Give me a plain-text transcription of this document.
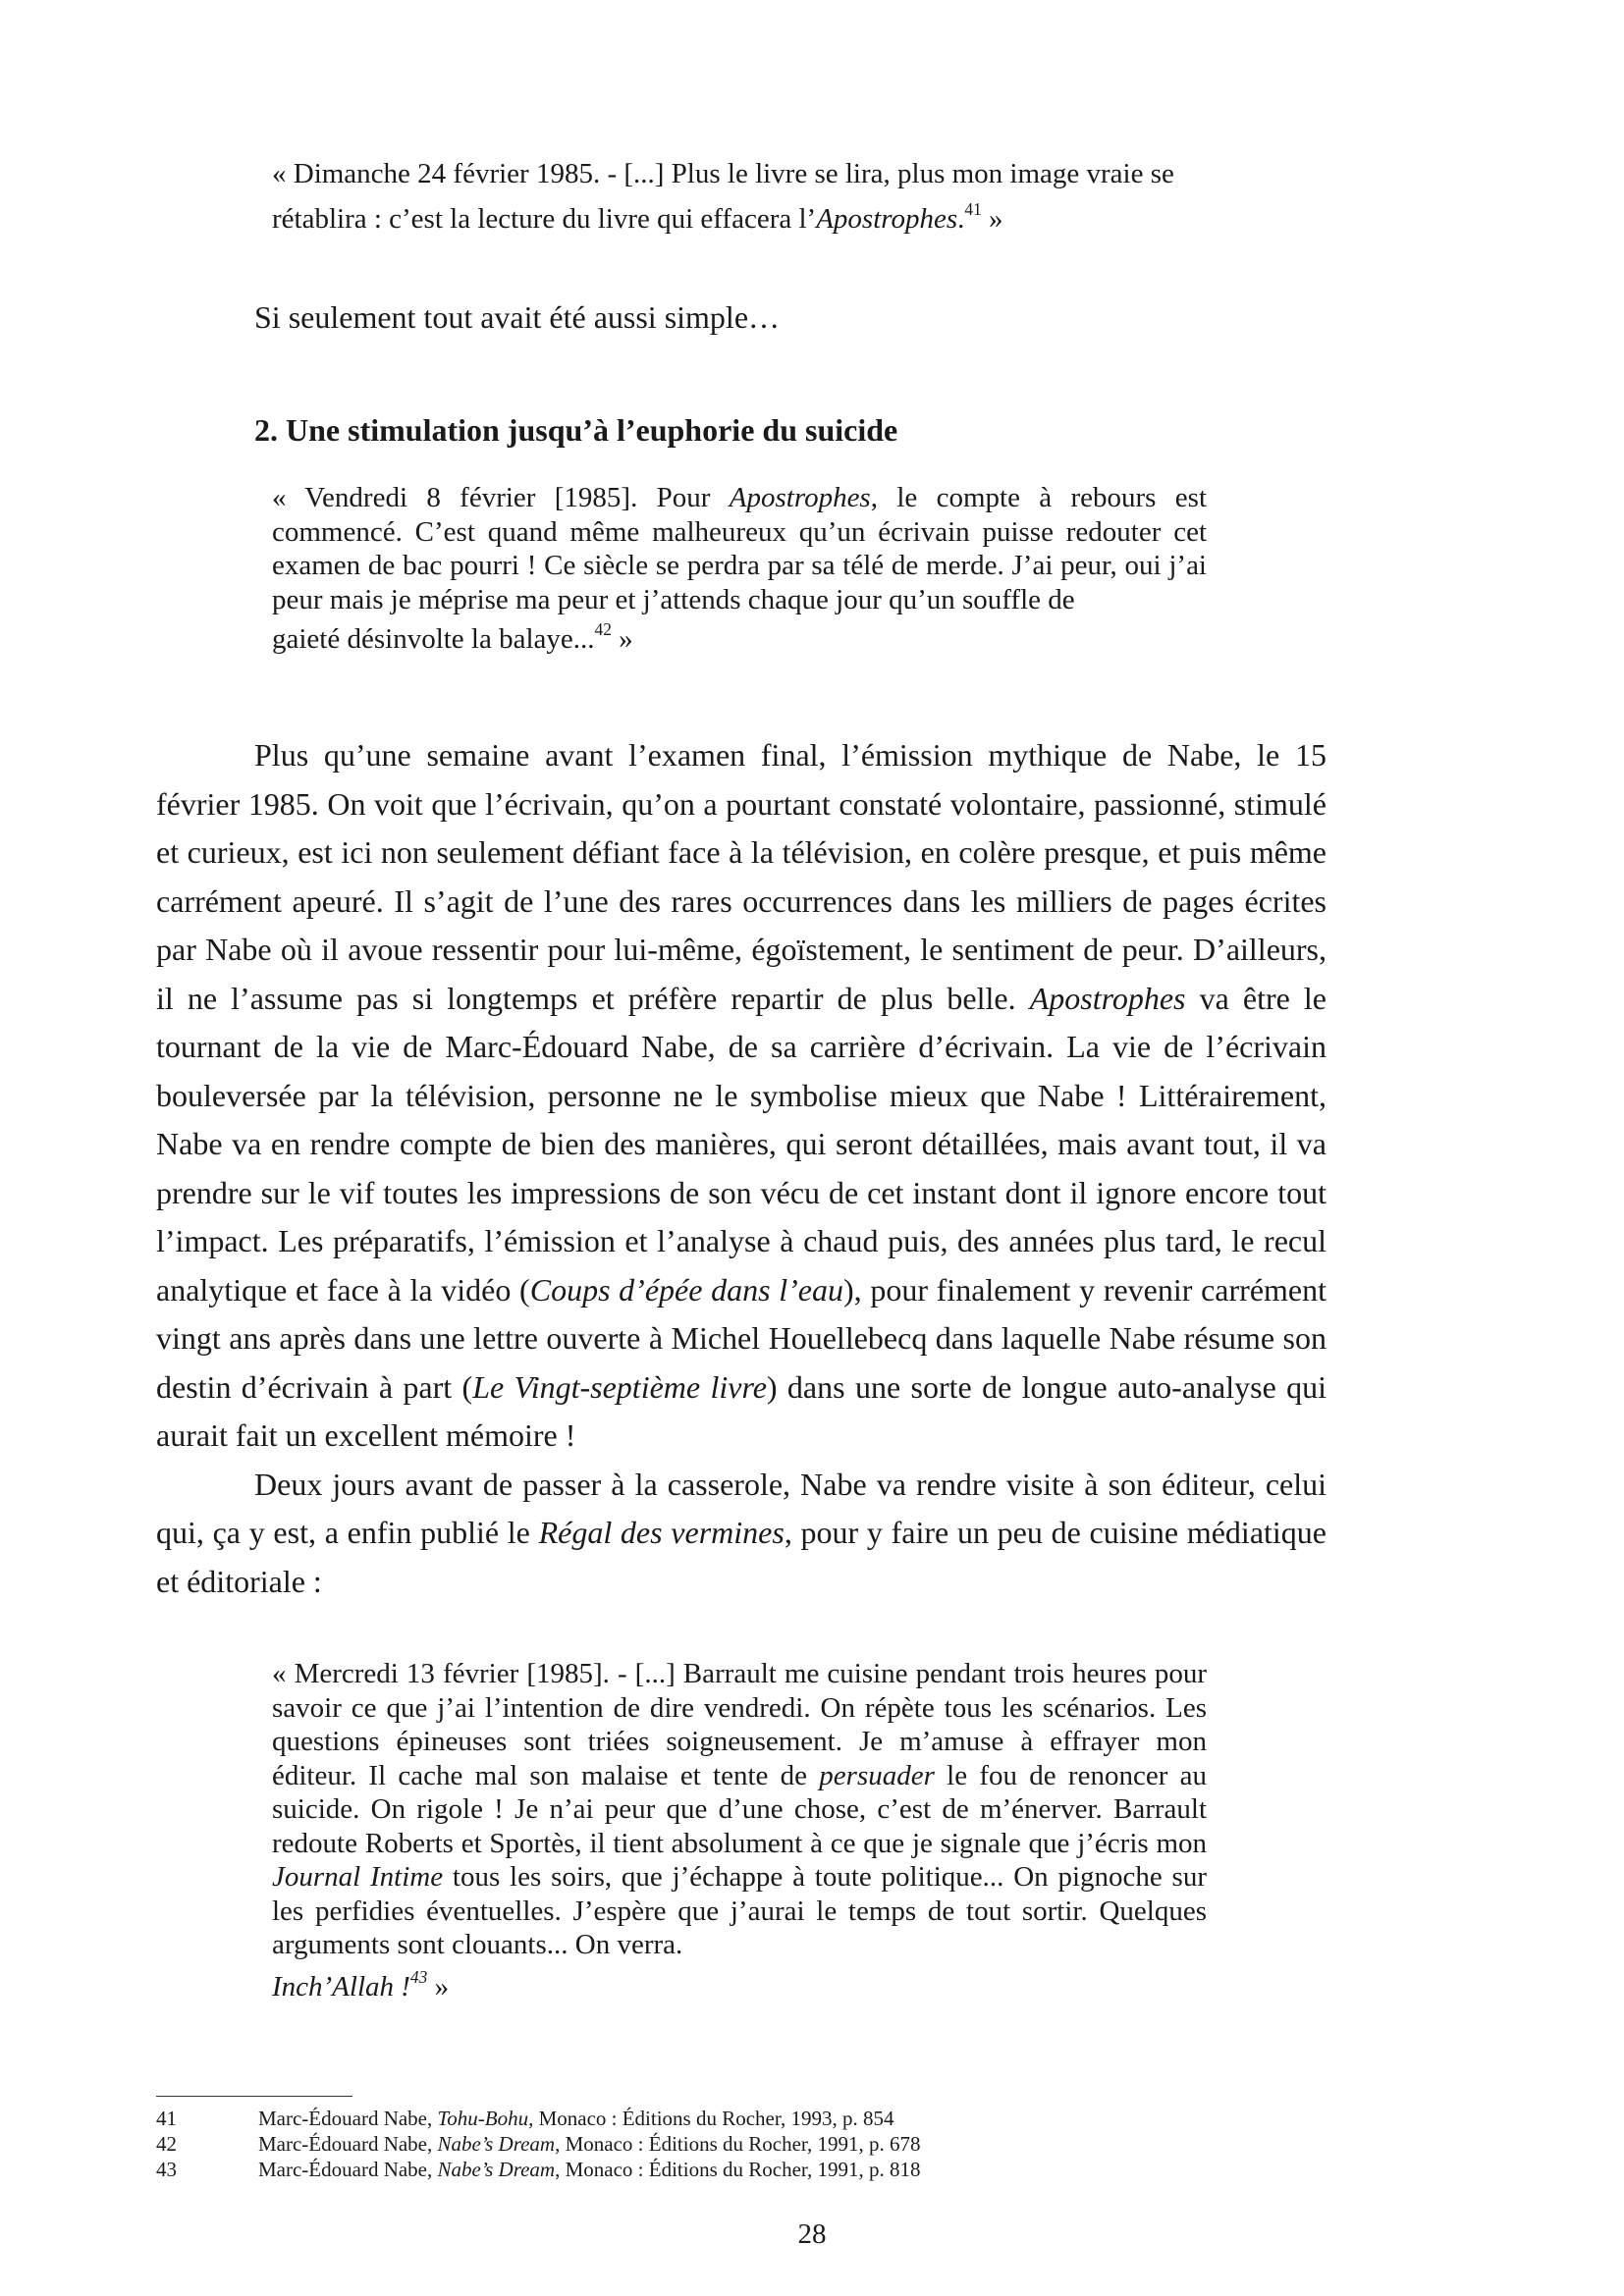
« Dimanche 24 février 1985. - [...] Plus le livre se lira, plus mon image vraie se rétablira : c’est la lecture du livre qui effacera l’Apostrophes.$^{41}$ »

Si seulement tout avait été aussi simple…

2. Une stimulation jusqu’à l’euphorie du suicide

« Vendredi 8 février [1985]. Pour Apostrophes, le compte à rebours est commencé. C’est quand même malheureux qu’un écrivain puisse redouter cet examen de bac pourri ! Ce siècle se perdra par sa télé de merde. J’ai peur, oui j’ai peur mais je méprise ma peur et j’attends chaque jour qu’un souffle de

gaieté désinvolte la balaye...$^{42}$ »

Plus qu’une semaine avant l’examen final, l’émission mythique de Nabe, le 15 février 1985. On voit que l’écrivain, qu’on a pourtant constaté volontaire, passionné, stimulé et curieux, est ici non seulement défiant face à la télévision, en colère presque, et puis même carrément apeuré. Il s’agit de l’une des rares occurrences dans les milliers de pages écrites par Nabe où il avoue ressentir pour lui-même, égoïstement, le sentiment de peur. D’ailleurs, il ne l’assume pas si longtemps et préfère repartir de plus belle. Apostrophes va être le tournant de la vie de Marc-Édouard Nabe, de sa carrière d’écrivain. La vie de l’écrivain bouleversée par la télévision, personne ne le symbolise mieux que Nabe ! Littérairement, Nabe va en rendre compte de bien des manières, qui seront détaillées, mais avant tout, il va prendre sur le vif toutes les impressions de son vécu de cet instant dont il ignore encore tout l’impact. Les préparatifs, l’émission et l’analyse à chaud puis, des années plus tard, le recul analytique et face à la vidéo (Coups d’épée dans l’eau), pour finalement y revenir carrément vingt ans après dans une lettre ouverte à Michel Houellebecq dans laquelle Nabe résume son destin d’écrivain à part (Le Vingt-septième livre) dans une sorte de longue auto-analyse qui aurait fait un excellent mémoire !

Deux jours avant de passer à la casserole, Nabe va rendre visite à son éditeur, celui qui, ça y est, a enfin publié le Régal des vermines, pour y faire un peu de cuisine médiatique et éditoriale :

« Mercredi 13 février [1985]. - [...] Barrault me cuisine pendant trois heures pour savoir ce que j’ai l’intention de dire vendredi. On répète tous les scénarios. Les questions épineuses sont triées soigneusement. Je m’amuse à effrayer mon éditeur. Il cache mal son malaise et tente de persuader le fou de renoncer au suicide. On rigole ! Je n’ai peur que d’une chose, c’est de m’énerver. Barrault redoute Roberts et Sportès, il tient absolument à ce que je signale que j’écris mon Journal Intime tous les soirs, que j’échappe à toute politique... On pignoche sur les perfidies éventuelles. J’espère que j’aurai le temps de tout sortir. Quelques arguments sont clouants... On verra.

Inch’Allah !$^{43}$ »

41	Marc-Édouard Nabe, Tohu-Bohu, Monaco : Éditions du Rocher, 1993, p. 854
42	Marc-Édouard Nabe, Nabe’s Dream, Monaco : Éditions du Rocher, 1991, p. 678
43	Marc-Édouard Nabe, Nabe’s Dream, Monaco : Éditions du Rocher, 1991, p. 818

28
